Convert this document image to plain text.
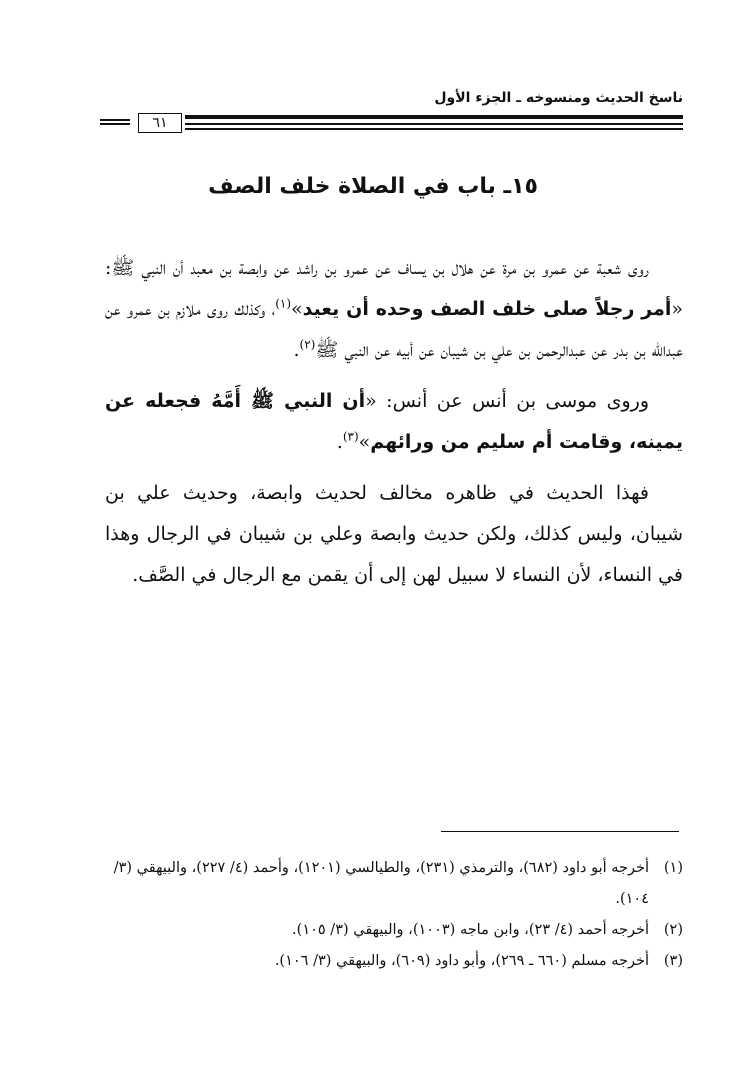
ناسخ الحديث ومنسوخه ـ الجزء الأول
٦١
١٥ـ باب في الصلاة خلف الصف

روى شعبة عن عمرو بن مرة عن هلال بن يساف عن عمرو بن راشد عن وابصة بن معبد أن النبي ﷺ: «أمر رجلاً صلى خلف الصف وحده أن يعيد»$^{(١)}$، وكذلك روى ملازم بن عمرو عن عبدالله بن بدر عن عبدالرحمن بن علي بن شيبان عن أبيه عن النبي ﷺ$^{(٢)}$.

وروى موسى بن أنس عن أنس: «أن النبي ﷺ أَمَّهُ فجعله عن يمينه، وقامت أم سليم من ورائهم»$^{(٣)}$.

فهذا الحديث في ظاهره مخالف لحديث وابصة، وحديث علي بن شيبان، وليس كذلك، ولكن حديث وابصة وعلي بن شيبان في الرجال وهذا في النساء، لأن النساء لا سبيل لهن إلى أن يقمن مع الرجال في الصَّف.

(١)
أخرجه أبو داود (٦٨٢)، والترمذي (٢٣١)، والطيالسي (١٢٠١)، وأحمد (٤/ ٢٢٧)، والبيهقي (٣/ ١٠٤).
(٢)
أخرجه أحمد (٤/ ٢٣)، وابن ماجه (١٠٠٣)، والبيهقي (٣/ ١٠٥).
(٣)
أخرجه مسلم (٦٦٠ ـ ٢٦٩)، وأبو داود (٦٠٩)، والبيهقي (٣/ ١٠٦).
